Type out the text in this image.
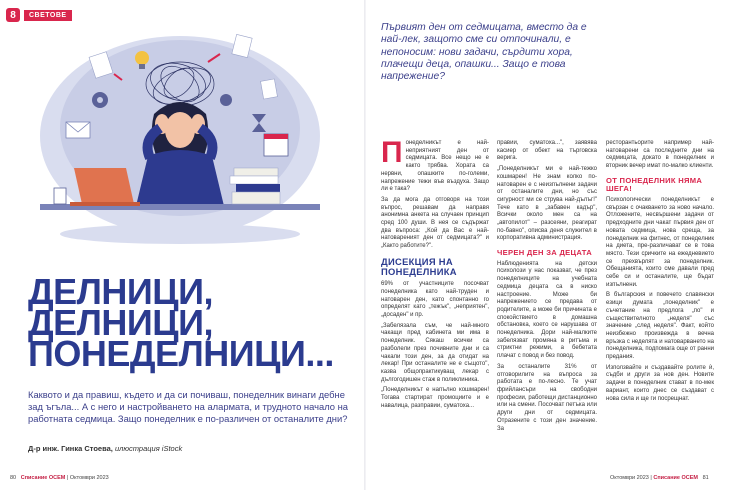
8	СВЕТОВЕ
ДЕЛНИЦИ,
ДЕЛНИЦИ,
ПОНЕДЕЛНИЦИ...
Каквото и да правиш, където и да си почиваш, понеделник винаги дебне зад ъгъла... А с него и настройването на алармата, и трудното начало на работната седмица. Защо понеделник е по-различен от останалите дни?
Д-р инж. Гинка Стоева, илюстрация iStock
80 Списание ОСЕМ | Октомври 2023
Първият ден от седмицата, вместо да е най-лек, защото сме си отпочинали, е непоносим: нови задачи, сърдити хора, плачещи деца, опашки... Защо е това напрежение?

Понеделникът е най-неприятният ден от седмицата. Все нещо не е както трябва. Хората са нервни, опашките по-големи, напрежение тежи във въздуха. Защо ли е така?

За да мога да отговоря на този въпрос, решавам да направя анонимна анкета на случаен принцип сред 100 души. В нея се съдържат два въпроса: „Кой да Вас е най-натовареният ден от седмицата?" и „Както работите?".

ДИСЕКЦИЯ НА ПОНЕДЕЛНИКА

69% от участниците посочват понеделника като най-труден и натоварен ден, като спонтанно го определят като „тежък", „неприятен", „досаден" и пр.

„Забелязала съм, че най-много чакащи пред кабинета ми има в понеделник. Сякаш всички са разболели през почивните дни и са чакали този ден, за да отидат на лекар! При останалите не е същото", казва общопрактикуващ лекар с дългогодишен стаж в поликлиника.

„Понеделникът е напълно кошмарен! Тогава стартират промоциите и е навалица, разправии, суматоха...

правии, суматоха...", заявява касиер от обект на търговска верига.

„Понеделникът ми е най-тежко кошмарен! Не знам колко по-натоварен е с неизпълнени задачи от останалите дни, но със сигурност ми се струва най-дълъг!" Тече като в „забавен кадър", Всички около мен са на „автопилот" – разсеяни, реагират по-бавно", описва деня служител в корпоративна администрация.

ЧЕРЕН ДЕН ЗА ДЕЦАТА

Наблюденията на детски психолози у нас показват, че през понеделниците на учебната седмица децата са в ниско настроение. Може би напрежението се предава от родителите, а може би причината е спокойствието в домашна обстановка, което се нарушава от понеделника. Дори най-малките забелязват промяна в ритъма и стриктни режими, а бебетата плачат с повод и без повод.

За останалите 31% от отговорилите на въпроса за работата е по-лесно. Те учат фрийлансъри на свободни професии, работещи дистанционно или на смени. Посочват петъка или други дни от седмицата. Отразените с този ден значение. За

ресторантьорите например най-натоварени са последните дни на седмицата, докато в понеделник и вторник вечер имат по-малко клиенти.

ОТ ПОНЕДЕЛНИК НЯМА ШЕГА!

Психологически понеделникът е свързан с очакването за ново начало. Отложените, несвършени задачи от предходните дни чакат първия ден от новата седмица, нова среща, за понеделник на фитнес, от понеделник на диета, пре-различават се в това място. Тези сричките на ежедневието се прехвърлят за понеделник. Обещанията, които сме давали пред себе си и останалите, ще бъдат изпълнени.

В българския и повечето славянски езици думата „понеделник" е съчетание на предлога „по" и съществителното „неделя" със значение „след неделя". Факт, който неизбежно произвежда в вечна връзка с неделята и натоварването на понеделника, подпомага още от ранни предания.

Използвайте и създавайте ролите ѝ, съдби и други за нов ден. Новите задачи в понеделник стават в по-мек вариант, които днес се създават с нова сила и ще ги посрещнат.

Октомври 2023 | Списание ОСЕМ 81
